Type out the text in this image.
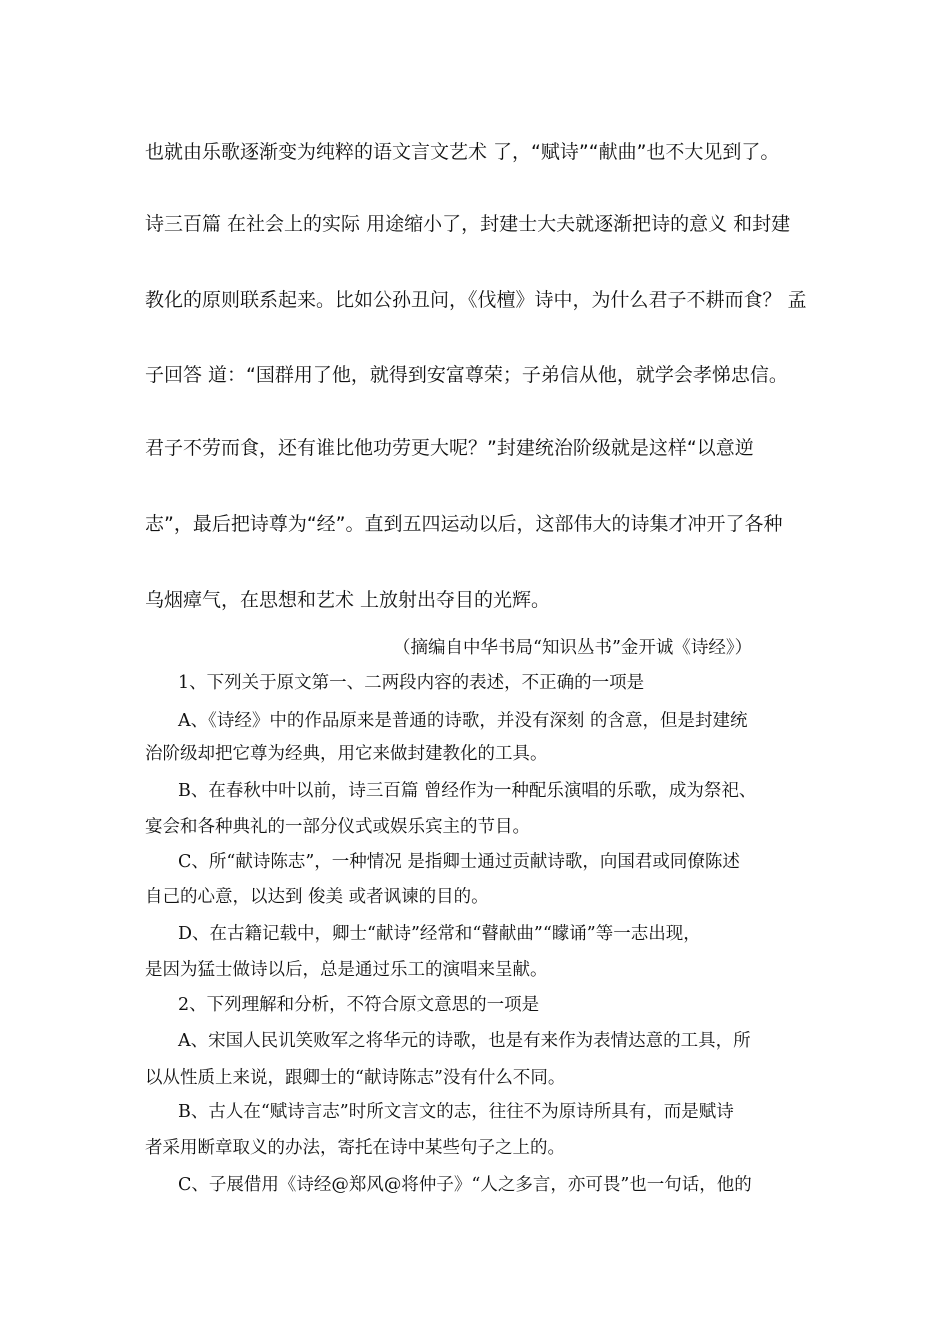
也就由乐歌逐渐变为纯粹的语文言文艺术 了，“赋诗”“献曲”也不大见到了。
诗三百篇 在社会上的实际 用途缩小了，封建士大夫就逐渐把诗的意义 和封建
教化的原则联系起来。比如公孙丑问，《伐檀》诗中，为什么君子不耕而食？ 孟
子回答 道：“国群用了他，就得到安富尊荣；子弟信从他，就学会孝悌忠信。
君子不劳而食，还有谁比他功劳更大呢？”封建统治阶级就是这样“以意逆
志”，最后把诗尊为“经”。直到五四运动以后，这部伟大的诗集才冲开了各种
乌烟瘴气，在思想和艺术 上放射出夺目的光辉。
（摘编自中华书局“知识丛书”金开诚《诗经》）
1、下列关于原文第一、二两段内容的表述，不正确的一项是
A、《诗经》中的作品原来是普通的诗歌，并没有深刻 的含意，但是封建统
治阶级却把它尊为经典，用它来做封建教化的工具。
B、在春秋中叶以前，诗三百篇 曾经作为一种配乐演唱的乐歌，成为祭祀、
宴会和各种典礼的一部分仪式或娱乐宾主的节目。
C、所“献诗陈志”，一种情况 是指卿士通过贡献诗歌，向国君或同僚陈述
自己的心意，以达到 俊美 或者讽谏的目的。
D、在古籍记载中，卿士“献诗”经常和“瞽献曲”“矇诵”等一志出现，
是因为猛士做诗以后，总是通过乐工的演唱来呈献。
2、下列理解和分析，不符合原文意思的一项是
A、宋国人民讥笑败军之将华元的诗歌，也是有来作为表情达意的工具，所
以从性质上来说，跟卿士的“献诗陈志”没有什么不同。
B、古人在“赋诗言志”时所文言文的志，往往不为原诗所具有，而是赋诗
者采用断章取义的办法，寄托在诗中某些句子之上的。
C、子展借用《诗经@郑风@将仲子》“人之多言，亦可畏”也一句话，他的
